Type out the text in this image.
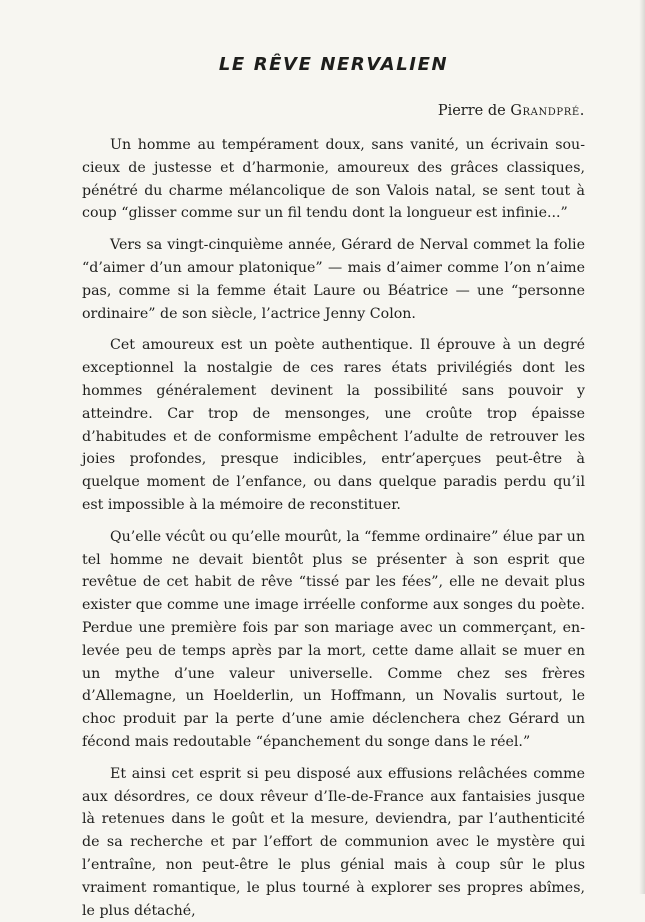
LE RÊVE NERVALIEN
Pierre de Grandpré.

Un homme au tempérament doux, sans vanité, un écrivain soucieux de justesse et d’harmonie, amoureux des grâces classiques, pénétré du charme mélancolique de son Valois natal, se sent tout à coup “glisser comme sur un fil tendu dont la longueur est infinie...”

Vers sa vingt-cinquième année, Gérard de Nerval commet la folie “d’aimer d’un amour platonique” — mais d’aimer comme l’on n’aime pas, comme si la femme était Laure ou Béatrice — une “personne ordinaire” de son siècle, l’actrice Jenny Colon.

Cet amoureux est un poète authentique. Il éprouve à un degré exceptionnel la nostalgie de ces rares états privilégiés dont les hommes généralement devinent la possibilité sans pouvoir y atteindre. Car trop de mensonges, une croûte trop épaisse d’habitudes et de conformisme empêchent l’adulte de retrouver les joies profondes, presque indicibles, entr’aperçues peut-être à quelque moment de l’enfance, ou dans quelque paradis perdu qu’il est impossible à la mémoire de reconstituer.

Qu’elle vécût ou qu’elle mourût, la “femme ordinaire” élue par un tel homme ne devait bientôt plus se présenter à son esprit que revêtue de cet habit de rêve “tissé par les fées”, elle ne devait plus exister que comme une image irréelle conforme aux songes du poète. Perdue une première fois par son mariage avec un commerçant, enlevée peu de temps après par la mort, cette dame allait se muer en un mythe d’une valeur universelle. Comme chez ses frères d’Allemagne, un Hoelderlin, un Hoffmann, un Novalis surtout, le choc produit par la perte d’une amie déclenchera chez Gérard un fécond mais redoutable “épanchement du songe dans le réel.”

Et ainsi cet esprit si peu disposé aux effusions relâchées comme aux désordres, ce doux rêveur d’Ile-de-France aux fantaisies jusque là retenues dans le goût et la mesure, deviendra, par l’authenticité de sa recherche et par l’effort de communion avec le mystère qui l’entraîne, non peut-être le plus génial mais à coup sûr le plus vraiment romantique, le plus tourné à explorer ses propres abîmes, le plus détaché,
